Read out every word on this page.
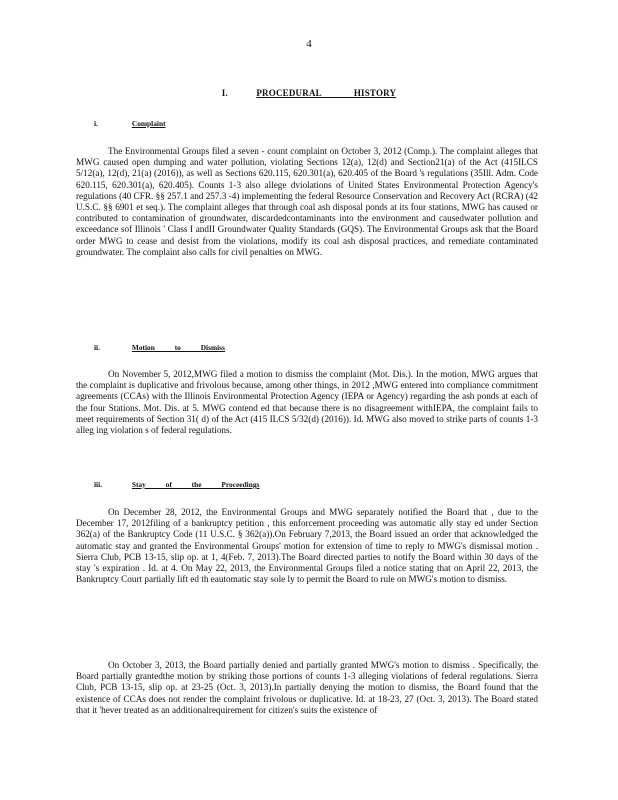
4
I.	PROCEDURAL HISTORY
i.	Complaint

The Environmental Groups filed a seven - count complaint on October 3, 2012 (Comp.). The complaint alleges that MWG caused open dumping and water pollution, violating Sections 12(a), 12(d) and Section21(a) of the Act (415ILCS 5/12(a), 12(d), 21(a) (2016)), as well as Sections 620.115, 620.301(a), 620.405 of the Board 's regulations (35Ill. Adm. Code 620.115, 620.301(a), 620.405). Counts 1-3 also allege dviolations of United States Environmental Protection Agency's regulations (40 CFR. §§ 257.1 and 257.3 -4) implementing the federal Resource Conservation and Recovery Act (RCRA) (42 U.S.C. §§ 6901 et seq.). The complaint alleges that through coal ash disposal ponds at its four stations, MWG has caused or contributed to contamination of groundwater, discardedcontaminants into the environment and causedwater pollution and exceedance sof Illinois ' Class I andII Groundwater Quality Standards (GQS). The Environmental Groups ask that the Board order MWG to cease and desist from the violations, modify its coal ash disposal practices, and remediate contaminated groundwater. The complaint also calls for civil penalties on MWG.

ii.	Motion to Dismiss

On November 5, 2012,MWG filed a motion to dismiss the complaint (Mot. Dis.). In the motion, MWG argues that the complaint is duplicative and frivolous because, among other things, in 2012 ,MWG entered into compliance commitment agreements (CCAs) with the Illinois Environmental Protection Agency (IEPA or Agency) regarding the ash ponds at each of the four Stations. Mot. Dis. at 5. MWG contend ed that because there is no disagreement withIEPA, the complaint fails to meet requirements of Section 31( d) of the Act (415 ILCS 5/32(d) (2016)). Id. MWG also moved to strike parts of counts 1-3 alleg ing violation s of federal regulations.

iii.	Stay of the Proceedings

On December 28, 2012, the Environmental Groups and MWG separately notified the Board that , due to the December 17, 2012filing of a bankruptcy petition , this enforcement proceeding was automatic ally stay ed under Section 362(a) of the Bankruptcy Code (11 U.S.C. § 362(a)).On February 7,2013, the Board issued an order that acknowledged the automatic stay and granted the Environmental Groups' motion for extension of time to reply to MWG's dismissal motion . Sierra Club, PCB 13-15, slip op. at 1, 4(Feb. 7, 2013).The Board directed parties to notify the Board within 30 days of the stay 's expiration . Id. at 4. On May 22, 2013, the Environmental Groups filed a notice stating that on April 22, 2013, the Bankruptcy Court partially lift ed th eautomatic stay sole ly to permit the Board to rule on MWG's motion to dismiss.

On October 3, 2013, the Board partially denied and partially granted MWG's motion to dismiss . Specifically, the Board partially grantedthe motion by striking those portions of counts 1-3 alleging violations of federal regulations. Sierra Club, PCB 13-15, slip op. at 23-25 (Oct. 3, 2013).In partially denying the motion to dismiss, the Board found that the existence of CCAs does not render the complaint frivolous or duplicative. Id. at 18-23, 27 (Oct. 3, 2013). The Board stated that it 'hever treated as an additionalrequirement for citizen's suits the existence of
